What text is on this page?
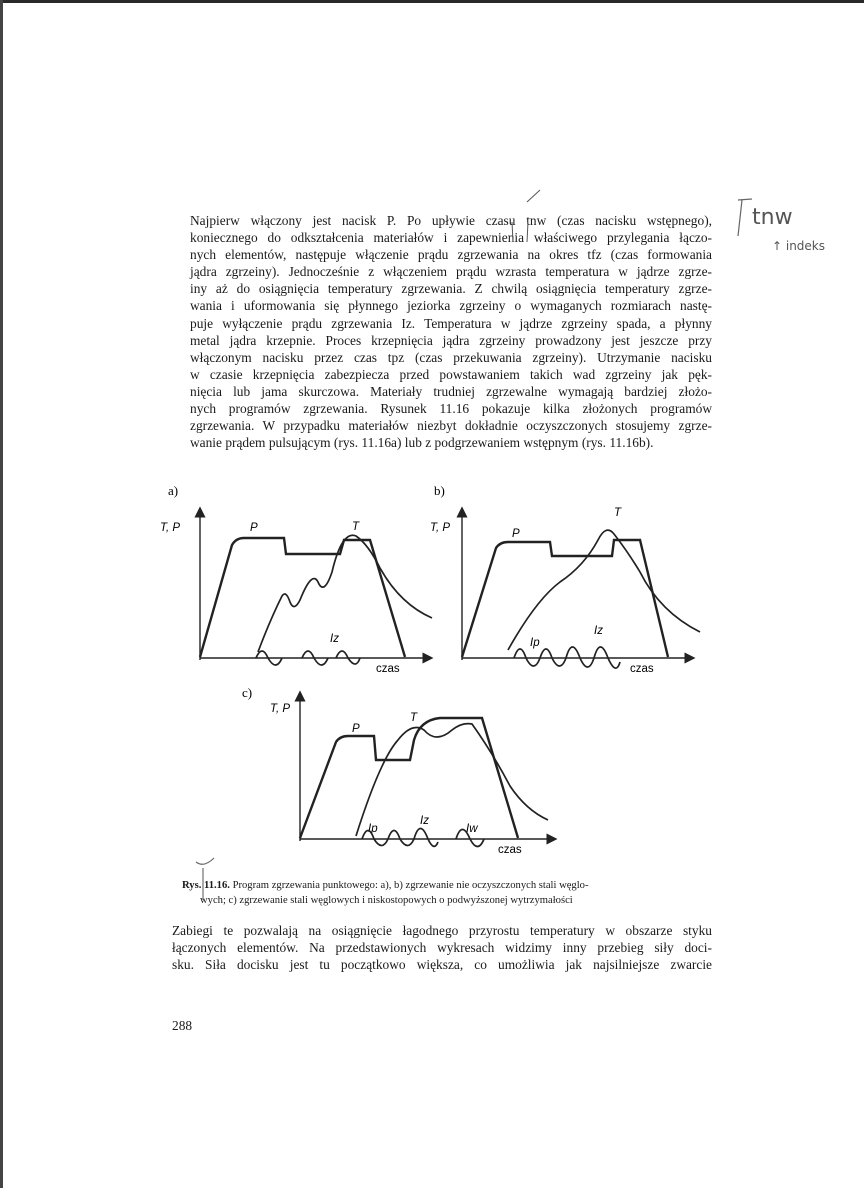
Najpierw włączony jest nacisk P. Po upływie czasu tnw (czas nacisku wstępnego),
koniecznego do odkształcenia materiałów i zapewnienia właściwego przylegania łączo-
nych elementów, następuje włączenie prądu zgrzewania na okres tfz (czas formowania
jądra zgrzeiny). Jednocześnie z włączeniem prądu wzrasta temperatura w jądrze zgrze-
iny aż do osiągnięcia temperatury zgrzewania. Z chwilą osiągnięcia temperatury zgrze-
wania i uformowania się płynnego jeziorka zgrzeiny o wymaganych rozmiarach nastę-
puje wyłączenie prądu zgrzewania Iz. Temperatura w jądrze zgrzeiny spada, a płynny
metal jądra krzepnie. Proces krzepnięcia jądra zgrzeiny prowadzony jest jeszcze przy
włączonym nacisku przez czas tpz (czas przekuwania zgrzeiny). Utrzymanie nacisku
w czasie krzepnięcia zabezpiecza przed powstawaniem takich wad zgrzeiny jak pęk-
nięcia lub jama skurczowa. Materiały trudniej zgrzewalne wymagają bardziej złożo-
nych programów zgrzewania. Rysunek 11.16 pokazuje kilka złożonych programów
zgrzewania. W przypadku materiałów niezbyt dokładnie oczyszczonych stosujemy zgrze-
wanie prądem pulsującym (rys. 11.16a) lub z podgrzewaniem wstępnym (rys. 11.16b).
tnw
↑ indeks
a)
T, P
czas
P	T
Iz
b)
T, P
czas
P
T
Ip
Iz
c)
T, P
czas
P
T
Ip
Iz
Iw
Rys. 11.16. Program zgrzewania punktowego: a), b) zgrzewanie nie oczyszczonych stali węglo-
wych; c) zgrzewanie stali węglowych i niskostopowych o podwyższonej wytrzymałości
Zabiegi te pozwalają na osiągnięcie łagodnego przyrostu temperatury w obszarze styku
łączonych elementów. Na przedstawionych wykresach widzimy inny przebieg siły doci-
sku. Siła docisku jest tu początkowo większa, co umożliwia jak najsilniejsze zwarcie
288
